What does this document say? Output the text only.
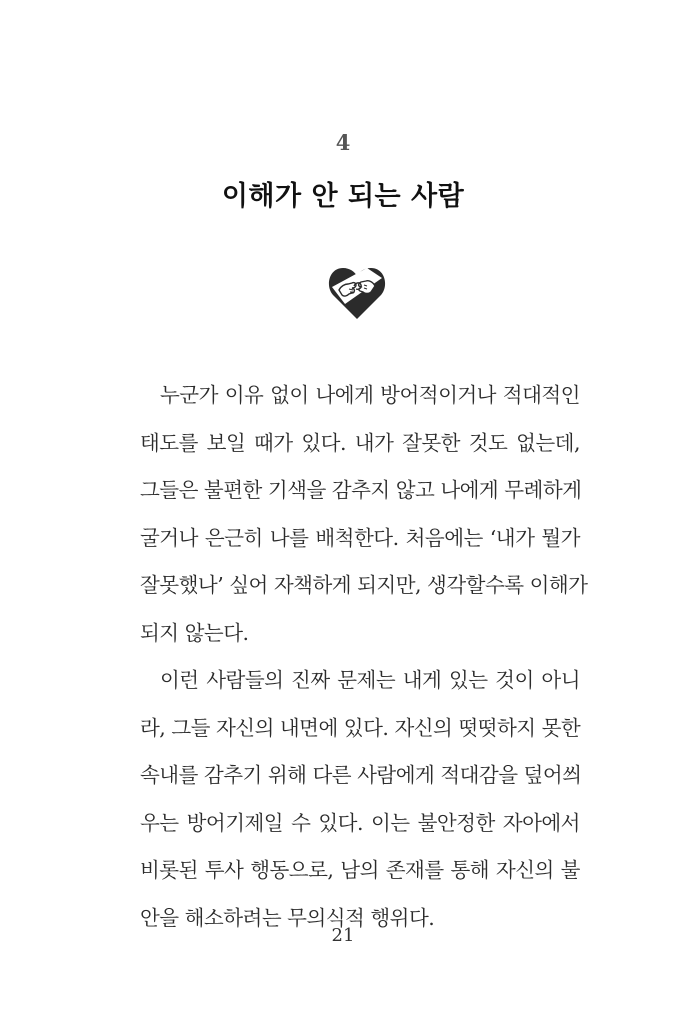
4
이해가 안 되는 사람
누군가 이유 없이 나에게 방어적이거나 적대적인
태도를 보일 때가 있다. 내가 잘못한 것도 없는데,
그들은 불편한 기색을 감추지 않고 나에게 무례하게
굴거나 은근히 나를 배척한다. 처음에는 ‘내가 뭘가
잘못했나’ 싶어 자책하게 되지만, 생각할수록 이해가
되지 않는다.
이런 사람들의 진짜 문제는 내게 있는 것이 아니
라, 그들 자신의 내면에 있다. 자신의 떳떳하지 못한
속내를 감추기 위해 다른 사람에게 적대감을 덮어씌
우는 방어기제일 수 있다. 이는 불안정한 자아에서
비롯된 투사 행동으로, 남의 존재를 통해 자신의 불
안을 해소하려는 무의식적 행위다.
21
